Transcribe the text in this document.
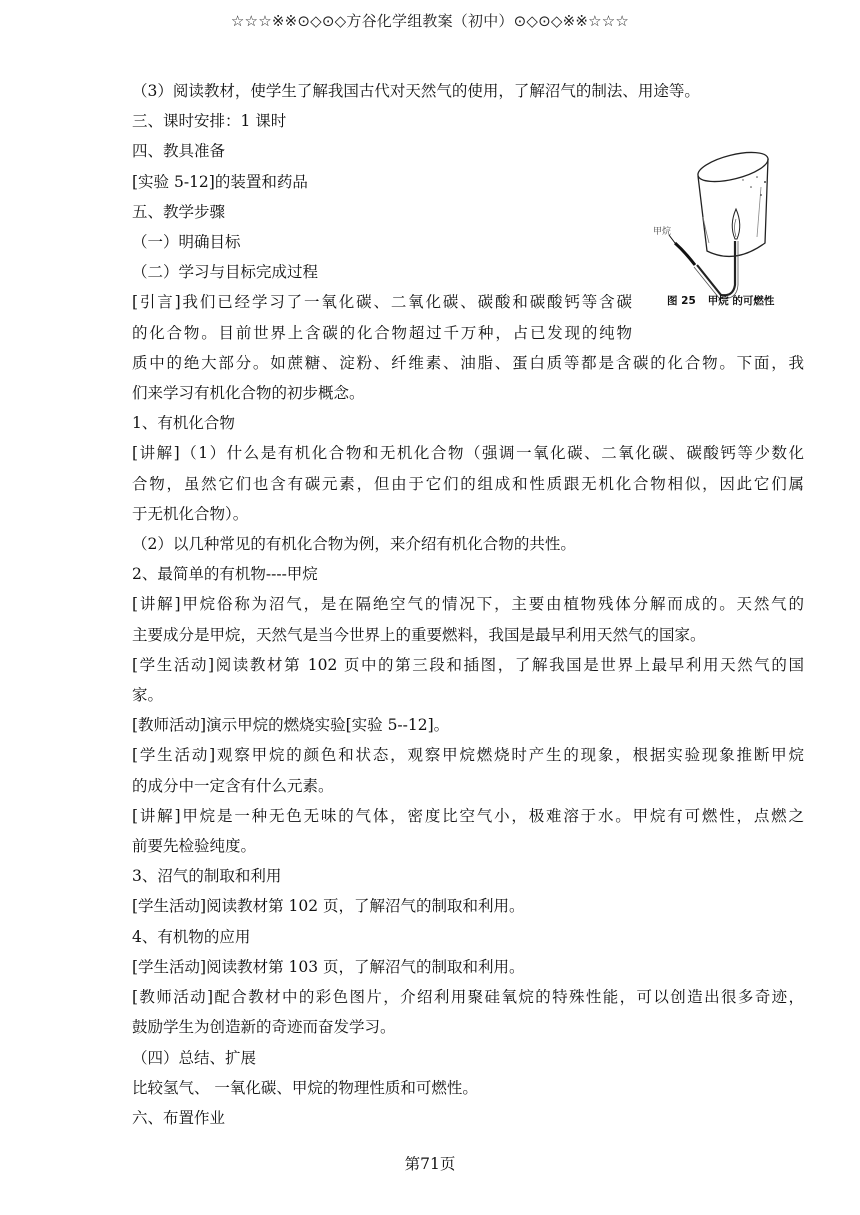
☆☆☆※※⊙◇⊙◇方谷化学组教案（初中）⊙◇⊙◇※※☆☆☆
（3）阅读教材，使学生了解我国古代对天然气的使用，了解沼气的制法、用途等。
三、课时安排：1 课时
四、教具准备
[实验 5-12]的装置和药品
五、教学步骤
（一）明确目标
（二）学习与目标完成过程
[引言]我们已经学习了一氧化碳、二氧化碳、碳酸和碳酸钙等含碳
的化合物。目前世界上含碳的化合物超过千万种，占已发现的纯物
质中的绝大部分。如蔗糖、淀粉、纤维素、油脂、蛋白质等都是含碳的化合物。下面，我
们来学习有机化合物的初步概念。
1、有机化合物
[讲解]（1）什么是有机化合物和无机化合物（强调一氧化碳、二氧化碳、碳酸钙等少数化
合物，虽然它们也含有碳元素，但由于它们的组成和性质跟无机化合物相似，因此它们属
于无机化合物）。
（2）以几种常见的有机化合物为例，来介绍有机化合物的共性。
2、最简单的有机物----甲烷
[讲解]甲烷俗称为沼气，是在隔绝空气的情况下，主要由植物残体分解而成的。天然气的
主要成分是甲烷，天然气是当今世界上的重要燃料，我国是最早利用天然气的国家。
[学生活动]阅读教材第 102 页中的第三段和插图，了解我国是世界上最早利用天然气的国
家。
[教师活动]演示甲烷的燃烧实验[实验 5--12]。
[学生活动]观察甲烷的颜色和状态，观察甲烷燃烧时产生的现象，根据实验现象推断甲烷
的成分中一定含有什么元素。
[讲解]甲烷是一种无色无味的气体，密度比空气小，极难溶于水。甲烷有可燃性，点燃之
前要先检验纯度。
3、沼气的制取和利用
[学生活动]阅读教材第 102 页，了解沼气的制取和利用。
4、有机物的应用
[学生活动]阅读教材第 103 页，了解沼气的制取和利用。
[教师活动]配合教材中的彩色图片，介绍利用聚硅氧烷的特殊性能，可以创造出很多奇迹，
鼓励学生为创造新的奇迹而奋发学习。
（四）总结、扩展
比较氢气、 一氧化碳、甲烷的物理性质和可燃性。
六、布置作业
甲烷
图 25 甲烷 的可燃性
第71页
